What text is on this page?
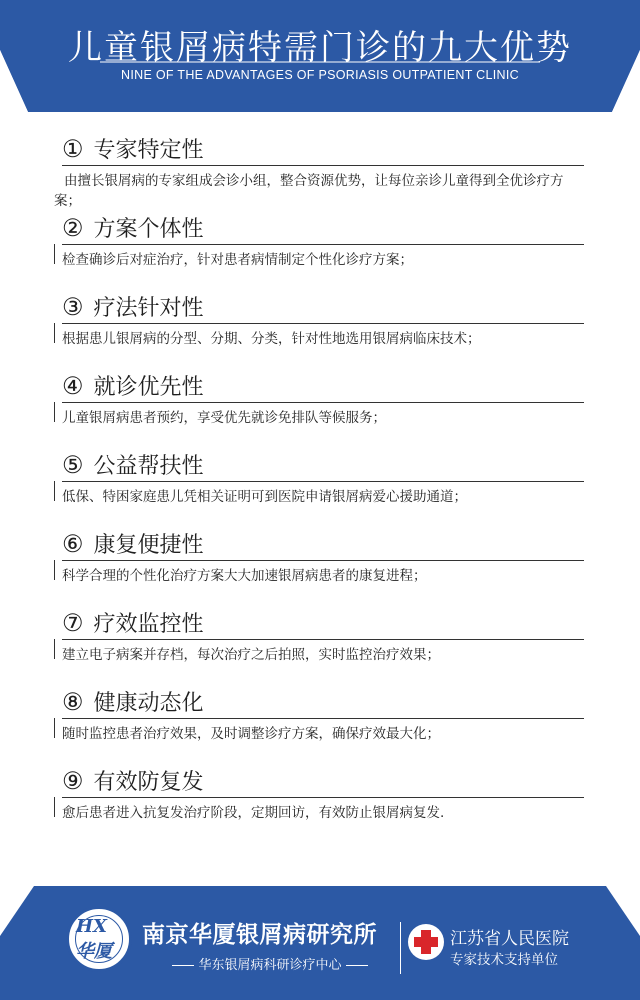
儿童银屑病特需门诊的九大优势
NINE OF THE ADVANTAGES OF PSORIASIS OUTPATIENT CLINIC
① 专家特定性
由擅长银屑病的专家组成会诊小组，整合资源优势，让每位亲诊儿童得到全优诊疗方案；
② 方案个体性
检查确诊后对症治疗，针对患者病情制定个性化诊疗方案；
③ 疗法针对性
根据患儿银屑病的分型、分期、分类，针对性地选用银屑病临床技术；
④ 就诊优先性
儿童银屑病患者预约，享受优先就诊免排队等候服务；
⑤ 公益帮扶性
低保、特困家庭患儿凭相关证明可到医院申请银屑病爱心援助通道；
⑥ 康复便捷性
科学合理的个性化治疗方案大大加速银屑病患者的康复进程；
⑦ 疗效监控性
建立电子病案并存档，每次治疗之后拍照，实时监控治疗效果；
⑧ 健康动态化
随时监控患者治疗效果，及时调整诊疗方案，确保疗效最大化；
⑨ 有效防复发
愈后患者进入抗复发治疗阶段，定期回访，有效防止银屑病复发.
HX 华厦
南京华厦银屑病研究所
华东银屑病科研诊疗中心
江苏省人民医院
专家技术支持单位
